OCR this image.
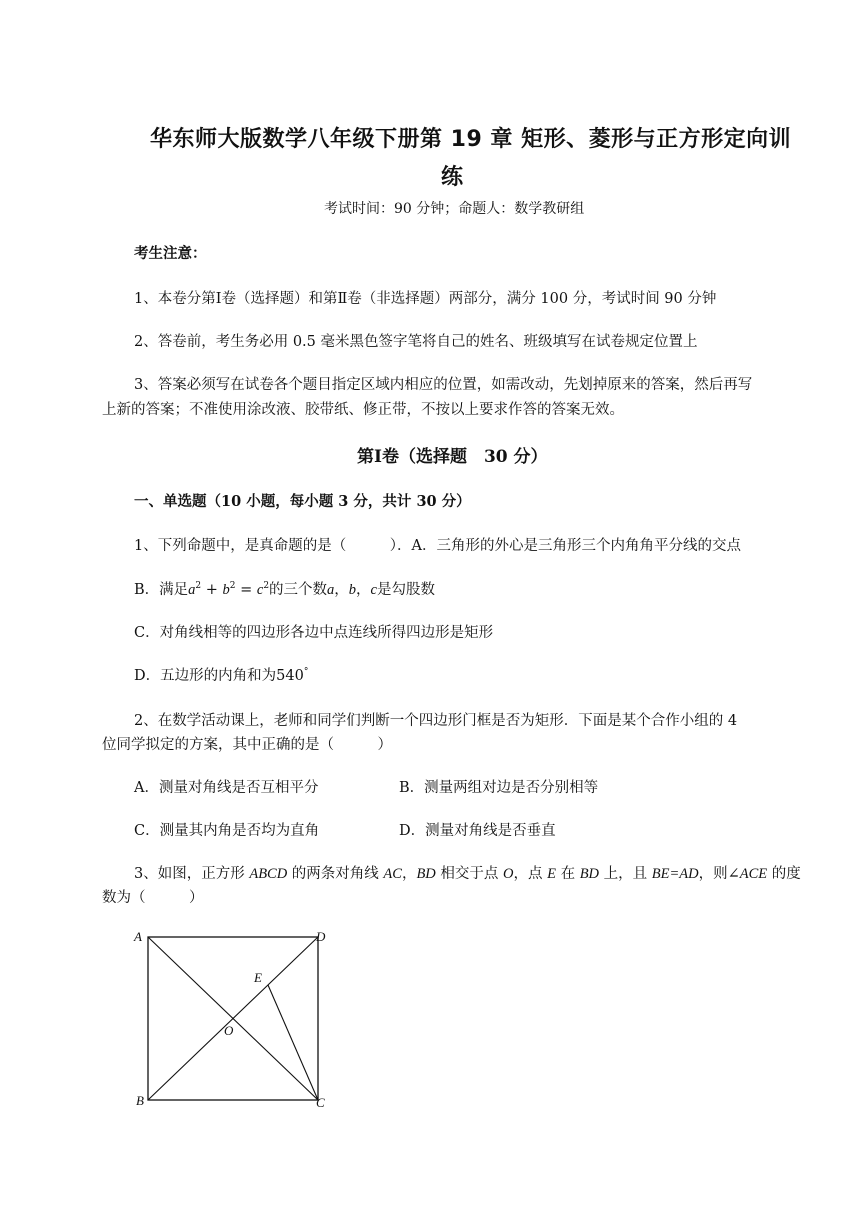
华东师大版数学八年级下册第 19 章 矩形、菱形与正方形定向训
练
考试时间：90 分钟；命题人：数学教研组
考生注意：
1、本卷分第Ⅰ卷（选择题）和第Ⅱ卷（非选择题）两部分，满分 100 分，考试时间 90 分钟
2、答卷前，考生务必用 0.5 毫米黑色签字笔将自己的姓名、班级填写在试卷规定位置上
3、答案必须写在试卷各个题目指定区域内相应的位置，如需改动，先划掉原来的答案，然后再写
上新的答案；不准使用涂改液、胶带纸、修正带，不按以上要求作答的答案无效。
第Ⅰ卷（选择题　30 分）
一、单选题（10 小题，每小题 3 分，共计 30 分）
1、下列命题中，是真命题的是（　　　）．A．三角形的外心是三角形三个内角角平分线的交点
B．满足$a^2 + b^2 = c^2$的三个数a，b，c是勾股数
C．对角线相等的四边形各边中点连线所得四边形是矩形
D．五边形的内角和为540°
2、在数学活动课上，老师和同学们判断一个四边形门框是否为矩形．下面是某个合作小组的 4
位同学拟定的方案，其中正确的是（　　　）
A．测量对角线是否互相平分	B．测量两组对边是否分别相等
C．测量其内角是否均为直角	D．测量对角线是否垂直
3、如图，正方形 ABCD 的两条对角线 AC，BD 相交于点 O，点 E 在 BD 上，且 BE=AD，则∠ACE 的度
数为（　　　）
A	D
B	C
E
O
